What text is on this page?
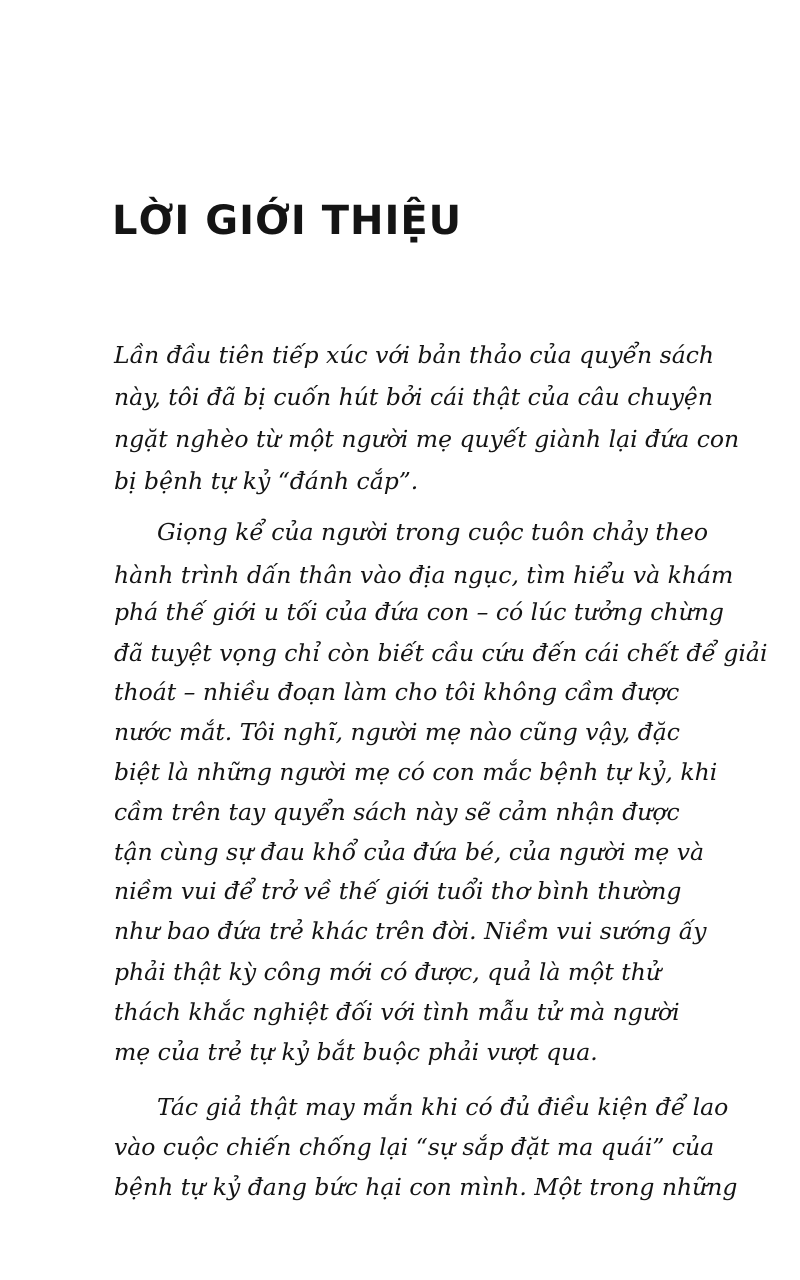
LỜI GIỚI THIỆU
Lần đầu tiên tiếp xúc với bản thảo của quyển sách
này, tôi đã bị cuốn hút bởi cái thật của câu chuyện
ngặt nghèo từ một người mẹ quyết giành lại đứa con
bị bệnh tự kỷ “đánh cắp”.
Giọng kể của người trong cuộc tuôn chảy theo
hành trình dấn thân vào địa ngục, tìm hiểu và khám
phá thế giới u tối của đứa con – có lúc tưởng chừng
đã tuyệt vọng chỉ còn biết cầu cứu đến cái chết để giải
thoát – nhiều đoạn làm cho tôi không cầm được
nước mắt. Tôi nghĩ, người mẹ nào cũng vậy, đặc
biệt là những người mẹ có con mắc bệnh tự kỷ, khi
cầm trên tay quyển sách này sẽ cảm nhận được
tận cùng sự đau khổ của đứa bé, của người mẹ và
niềm vui để trở về thế giới tuổi thơ bình thường
như bao đứa trẻ khác trên đời. Niềm vui sướng ấy
phải thật kỳ công mới có được, quả là một thử
thách khắc nghiệt đối với tình mẫu tử mà người
mẹ của trẻ tự kỷ bắt buộc phải vượt qua.
Tác giả thật may mắn khi có đủ điều kiện để lao
vào cuộc chiến chống lại “sự sắp đặt ma quái” của
bệnh tự kỷ đang bức hại con mình. Một trong những
